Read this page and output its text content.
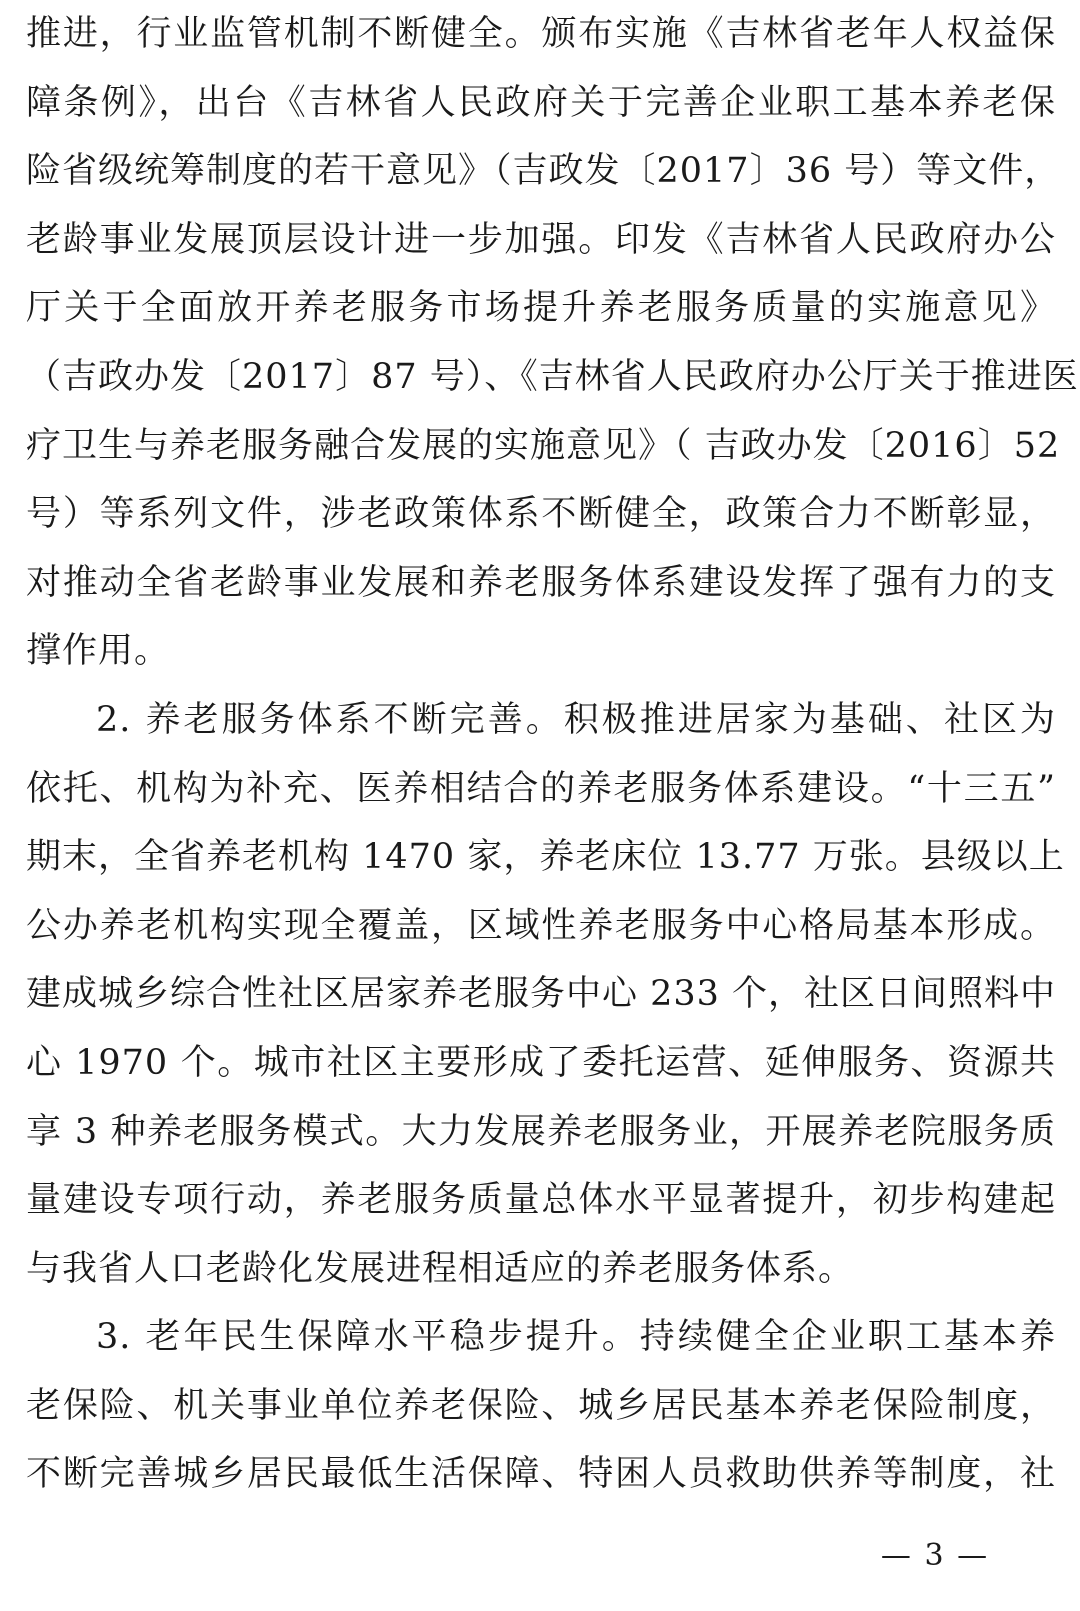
推进，行业监管机制不断健全。颁布实施《吉林省老年人权益保
障条例》，出台《吉林省人民政府关于完善企业职工基本养老保
险省级统筹制度的若干意见》（吉政发〔2017〕36 号）等文件，
老龄事业发展顶层设计进一步加强。印发《吉林省人民政府办公
厅关于全面放开养老服务市场提升养老服务质量的实施意见》
（吉政办发〔2017〕87 号）、《吉林省人民政府办公厅关于推进医
疗卫生与养老服务融合发展的实施意见》（ 吉政办发〔2016〕52
号）等系列文件，涉老政策体系不断健全，政策合力不断彰显，
对推动全省老龄事业发展和养老服务体系建设发挥了强有力的支
撑作用。
2. 养老服务体系不断完善。积极推进居家为基础、社区为
依托、机构为补充、医养相结合的养老服务体系建设。“十三五”
期末，全省养老机构 1470 家，养老床位 13.77 万张。县级以上
公办养老机构实现全覆盖，区域性养老服务中心格局基本形成。
建成城乡综合性社区居家养老服务中心 233 个，社区日间照料中
心 1970 个。城市社区主要形成了委托运营、延伸服务、资源共
享 3 种养老服务模式。大力发展养老服务业，开展养老院服务质
量建设专项行动，养老服务质量总体水平显著提升，初步构建起
与我省人口老龄化发展进程相适应的养老服务体系。
3. 老年民生保障水平稳步提升。持续健全企业职工基本养
老保险、机关事业单位养老保险、城乡居民基本养老保险制度，
不断完善城乡居民最低生活保障、特困人员救助供养等制度，社
— 3 —
